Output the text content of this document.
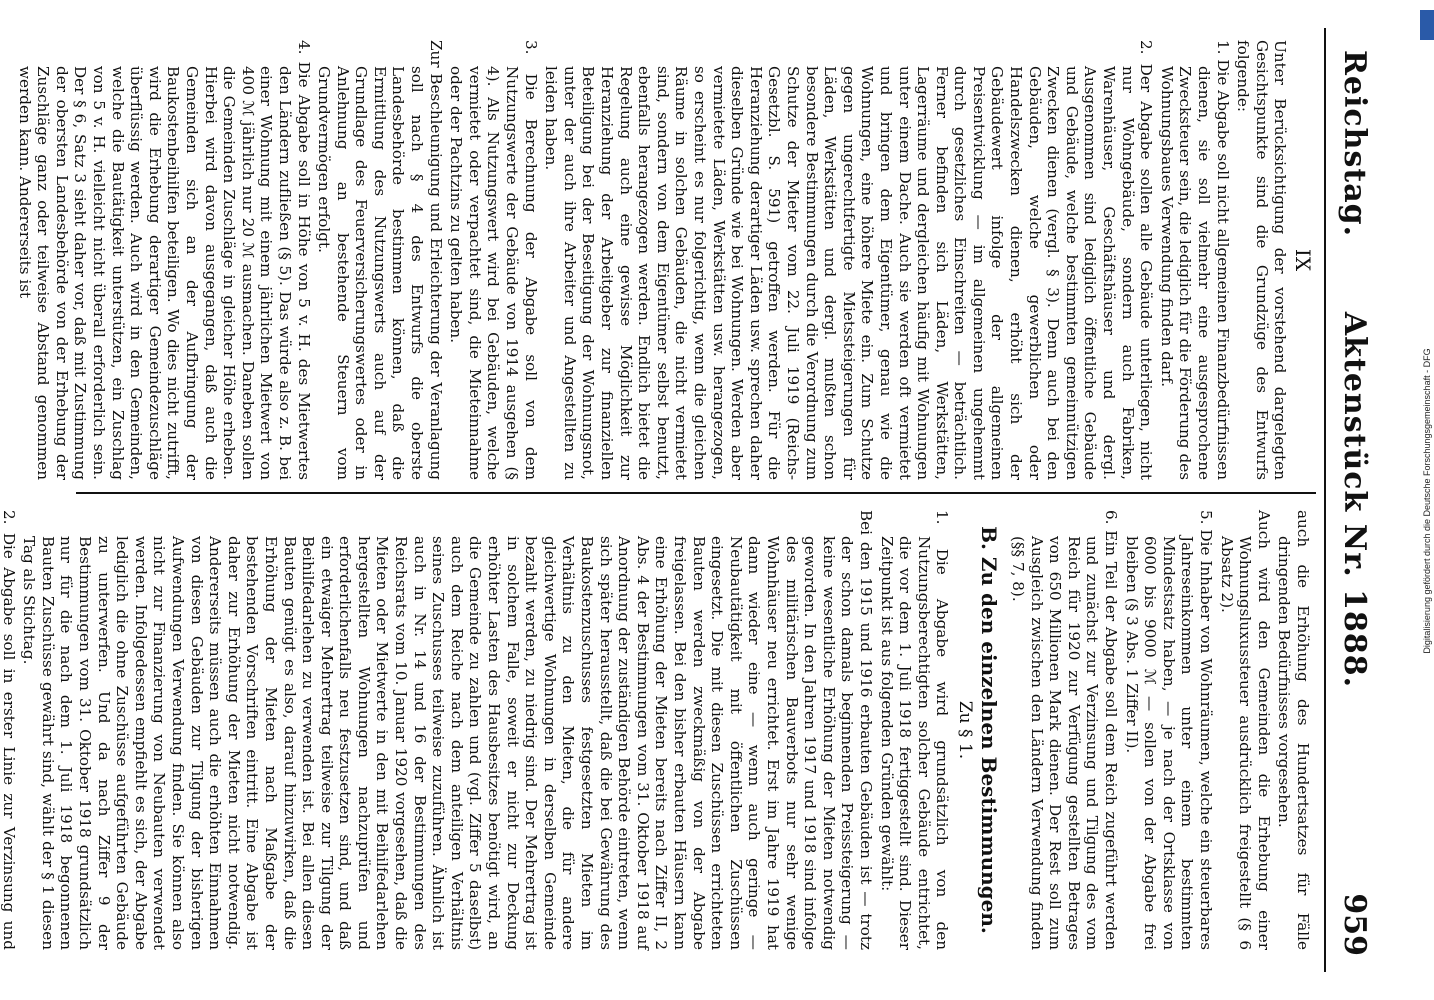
Reichstag.
Aktenstück Nr. 1888.
959
IX

Unter Berücksichtigung der vorstehend dargelegten Gesichtspunkte sind die Grundzüge des Entwurfs folgende:

1. Die Abgabe soll nicht allgemeinen Finanzbedürfnissen dienen, sie soll vielmehr eine ausgesprochene Zwecksteuer sein, die lediglich für die Förderung des Wohnungsbaues Verwendung finden darf.

2. Der Abgabe sollen alle Gebäude unterliegen, nicht nur Wohngebäude, sondern auch Fabriken, Warenhäuser, Geschäftshäuser und dergl. Ausgenommen sind lediglich öffentliche Gebäude und Gebäude, welche bestimmten gemeinnützigen Zwecken dienen (vergl. § 3). Denn auch bei den Gebäuden, welche gewerblichen oder Handelszwecken dienen, erhöht sich der Gebäudewert infolge der allgemeinen Preisentwicklung — im allgemeinen ungehemmt durch gesetzliches Einschreiten — beträchtlich. Ferner befinden sich Läden, Werkstätten, Lagerräume und dergleichen häufig mit Wohnungen unter einem Dache. Auch sie werden oft vermietet und bringen dem Eigentümer, genau wie die Wohnungen, eine höhere Miete ein. Zum Schutze gegen ungerechtfertigte Mietssteigerungen für Läden, Werkstätten und dergl. mußten schon besondere Bestimmungen durch die Verordnung zum Schutze der Mieter vom 22. Juli 1919 (Reichs-Gesetzbl. S. 591) getroffen werden. Für die Heranziehung derartiger Läden usw. sprechen daher dieselben Gründe wie bei Wohnungen. Werden aber vermietete Läden, Werkstätten usw. herangezogen, so erscheint es nur folgerichtig, wenn die gleichen Räume in solchen Gebäuden, die nicht vermietet sind, sondern von dem Eigentümer selbst benutzt, ebenfalls herangezogen werden. Endlich bietet die Regelung auch eine gewisse Möglichkeit zur Heranziehung der Arbeitgeber zur finanziellen Beteiligung bei der Beseitigung der Wohnungsnot, unter der auch ihre Arbeiter und Angestellten zu leiden haben.

3. Die Berechnung der Abgabe soll von dem Nutzungswerte der Gebäude von 1914 ausgehen (§ 4). Als Nutzungswert wird bei Gebäuden, welche vermietet oder verpachtet sind, die Mieteinnahme oder der Pachtzins zu gelten haben.

Zur Beschleunigung und Erleichterung der Veranlagung soll nach § 4 des Entwurfs die oberste Landesbehörde bestimmen können, daß die Ermittlung des Nutzungswerts auch auf der Grundlage des Feuerversicherungswertes oder in Anlehnung an bestehende Steuern vom Grundvermögen erfolgt.

4. Die Abgabe soll in Höhe von 5 v. H. des Mietwertes den Ländern zufließen (§ 5). Das würde also z. B. bei einer Wohnung mit einem jährlichen Mietwert von 400 ℳ jährlich nur 20 ℳ ausmachen. Daneben sollen die Gemeinden Zuschläge in gleicher Höhe erheben. Hierbei wird davon ausgegangen, daß auch die Gemeinden sich an der Aufbringung der Baukostenbeihilfen beteiligen. Wo dies nicht zutrifft, wird die Erhebung derartiger Gemeindezuschläge überflüssig werden. Auch wird in den Gemeinden, welche die Bautätigkeit unterstützen, ein Zuschlag von 5 v. H. vielleicht nicht überall erforderlich sein. Der § 6, Satz 3 sieht daher vor, daß mit Zustimmung der obersten Landesbehörde von der Erhebung der Zuschläge ganz oder teilweise Abstand genommen werden kann. Andererseits ist

auch die Erhöhung des Hundertsatzes für Fälle dringenden Bedürfnisses vorgesehen.

Auch wird den Gemeinden die Erhebung einer Wohnungsluxussteuer ausdrücklich freigestellt (§ 6 Absatz 2).

5. Die Inhaber von Wohnräumen, welche ein steuerbares Jahreseinkommen unter einem bestimmten Mindestsatz haben, — je nach der Ortsklasse von 6000 bis 9000 ℳ — sollen von der Abgabe frei bleiben (§ 3 Abs. 1 Ziffer II).

6. Ein Teil der Abgabe soll dem Reich zugeführt werden und zunächst zur Verzinsung und Tilgung des vom Reich für 1920 zur Verfügung gestellten Betrages von 650 Millionen Mark dienen. Der Rest soll zum Ausgleich zwischen den Ländern Verwendung finden (§§ 7, 8).

B. Zu den einzelnen Bestimmungen.
Zu § 1.

1. Die Abgabe wird grundsätzlich von den Nutzungsberechtigten solcher Gebäude entrichtet, die vor dem 1. Juli 1918 fertiggestellt sind. Dieser Zeitpunkt ist aus folgenden Gründen gewählt:

Bei den 1915 und 1916 erbauten Gebäuden ist — trotz der schon damals beginnenden Preissteigerung — keine wesentliche Erhöhung der Mieten notwendig geworden. In den Jahren 1917 und 1918 sind infolge des militärischen Bauverbots nur sehr wenige Wohnhäuser neu errichtet. Erst im Jahre 1919 hat dann wieder eine — wenn auch geringe — Neubautätigkeit mit öffentlichen Zuschüssen eingesetzt. Die mit diesen Zuschüssen errichteten Bauten werden zweckmäßig von der Abgabe freigelassen. Bei den bisher erbauten Häusern kann eine Erhöhung der Mieten bereits nach Ziffer II, 2 Abs. 4 der Bestimmungen vom 31. Oktober 1918 auf Anordnung der zuständigen Behörde eintreten, wenn sich später herausstellt, daß die bei Gewährung des Baukostenzuschusses festgesetzten Mieten im Verhältnis zu den Mieten, die für andere gleichwertige Wohnungen in derselben Gemeinde bezahlt werden, zu niedrig sind. Der Mehrertrag ist in solchem Falle, soweit er nicht zur Deckung erhöhter Lasten des Hausbesitzes benötigt wird, an die Gemeinde zu zahlen und (vgl. Ziffer 5 daselbst) auch dem Reiche nach dem anteiligen Verhältnis seines Zuschusses teilweise zuzuführen. Ähnlich ist auch in Nr. 14 und 16 der Bestimmungen des Reichsrats vom 10. Januar 1920 vorgesehen, daß die Mieten oder Mietwerte in den mit Beihilfedarlehen hergestellten Wohnungen nachzuprüfen und erforderlichenfalls neu festzusetzen sind, und daß ein etwaiger Mehrertrag teilweise zur Tilgung der Beihilfedarlehen zu verwenden ist. Bei allen diesen Bauten genügt es also, darauf hinzuwirken, daß die Erhöhung der Mieten nach Maßgabe der bestehenden Vorschriften eintritt. Eine Abgabe ist daher zur Erhöhung der Mieten nicht notwendig. Andererseits müssen auch die erhöhten Einnahmen von diesen Gebäuden zur Tilgung der bisherigen Aufwendungen Verwendung finden. Sie können also nicht zur Finanzierung von Neubauten verwendet werden. Infolgedessen empfiehlt es sich, der Abgabe lediglich die ohne Zuschüsse aufgeführten Gebäude zu unterwerfen. Und da nach Ziffer 9 der Bestimmungen vom 31. Oktober 1918 grundsätzlich nur für die nach dem 1. Juli 1918 begonnenen Bauten Zuschüsse gewährt sind, wählt der § 1 diesen Tag als Stichtag.

2. Die Abgabe soll in erster Linie zur Verzinsung und

Digitalisierung gefördert durch die Deutsche Forschungsgemeinschaft - DFG
